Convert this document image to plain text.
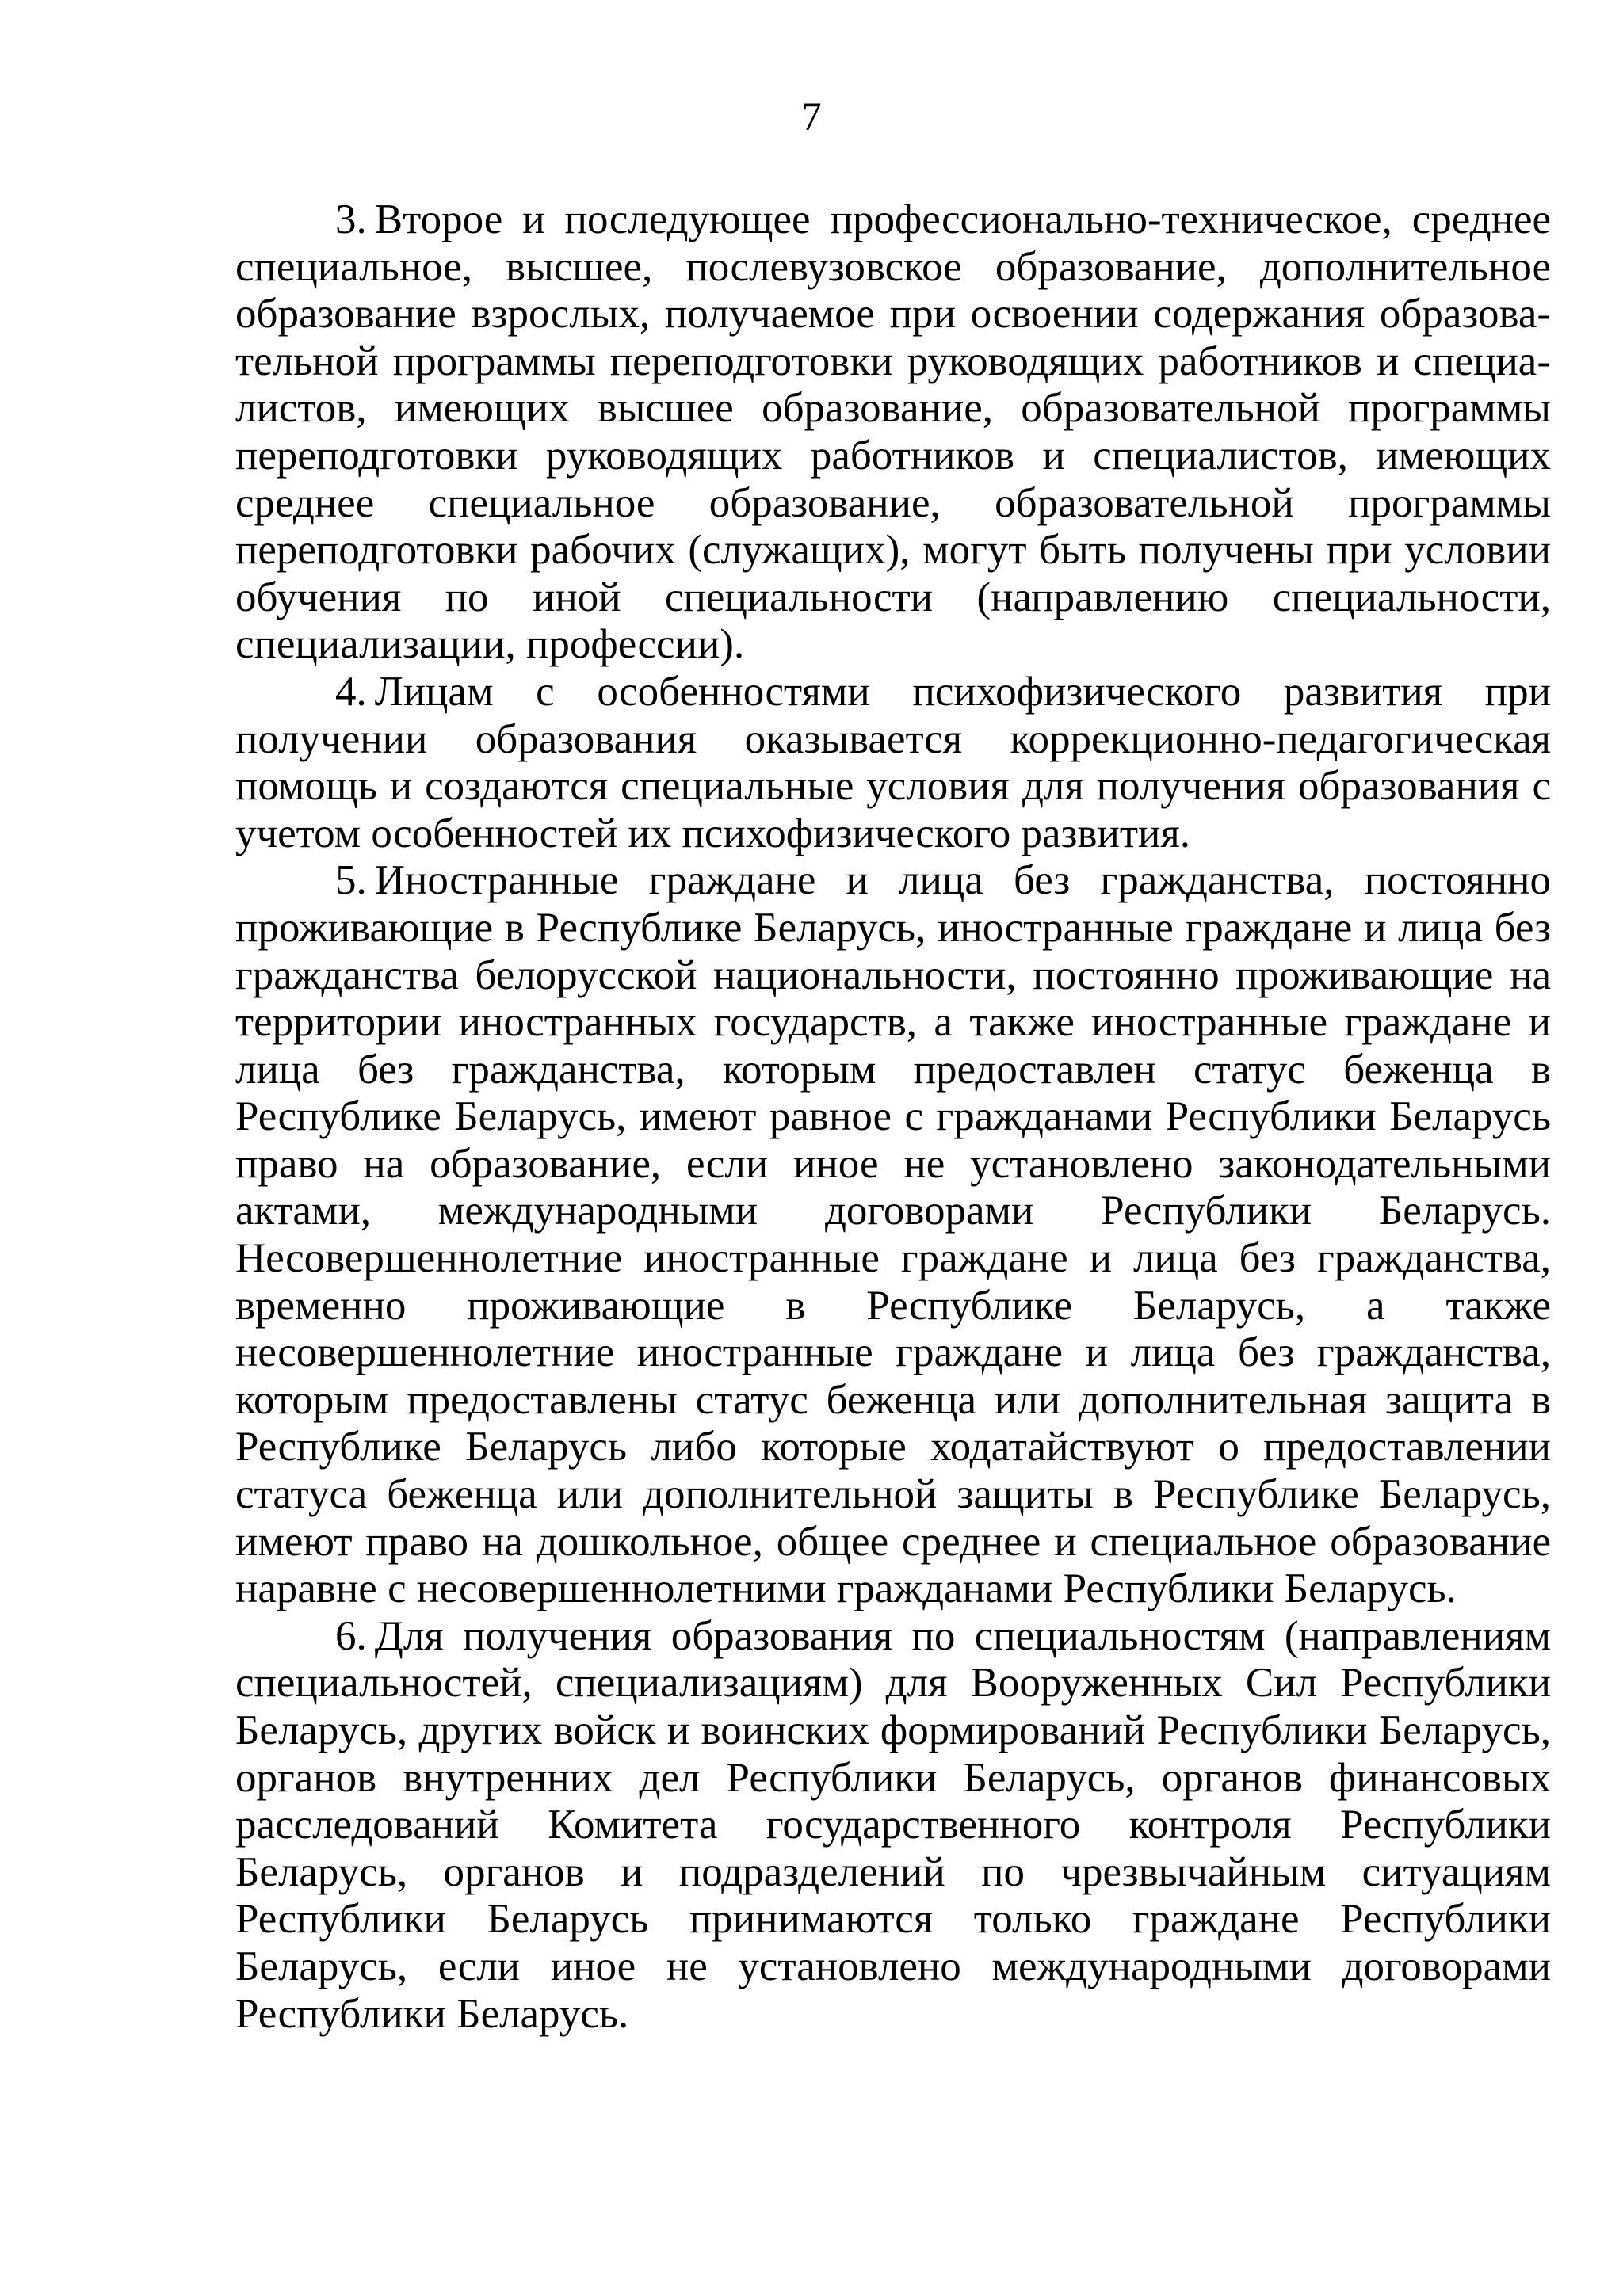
7

3. Второе и последующее профессионально-техническое, среднее специальное, высшее, послевузовское образование, дополнительное образование взрослых, получаемое при освоении содержания образовательной программы переподготовки руководящих работников и специалистов, имеющих высшее образование, образовательной программы переподготовки руководящих работников и специалистов, имеющих среднее специальное образование, образовательной программы переподготовки рабочих (служащих), могут быть получены при условии обучения по иной специальности (направлению специальности, специализации, профессии).

4. Лицам с особенностями психофизического развития при получении образования оказывается коррекционно-педагогическая помощь и создаются специальные условия для получения образования с учетом особенностей их психофизического развития.

5. Иностранные граждане и лица без гражданства, постоянно проживающие в Республике Беларусь, иностранные граждане и лица без гражданства белорусской национальности, постоянно проживающие на территории иностранных государств, а также иностранные граждане и лица без гражданства, которым предоставлен статус беженца в Республике Беларусь, имеют равное с гражданами Республики Беларусь право на образование, если иное не установлено законодательными актами, международными договорами Республики Беларусь. Несовершеннолетние иностранные граждане и лица без гражданства, временно проживающие в Республике Беларусь, а также несовершеннолетние иностранные граждане и лица без гражданства, которым предоставлены статус беженца или дополнительная защита в Республике Беларусь либо которые ходатайствуют о предоставлении статуса беженца или дополнительной защиты в Республике Беларусь, имеют право на дошкольное, общее среднее и специальное образование наравне с несовершеннолетними гражданами Республики Беларусь.

6. Для получения образования по специальностям (направлениям специальностей, специализациям) для Вооруженных Сил Республики Беларусь, других войск и воинских формирований Республики Беларусь, органов внутренних дел Республики Беларусь, органов финансовых расследований Комитета государственного контроля Республики Беларусь, органов и подразделений по чрезвычайным ситуациям Республики Беларусь принимаются только граждане Республики Беларусь, если иное не установлено международными договорами Республики Беларусь.
